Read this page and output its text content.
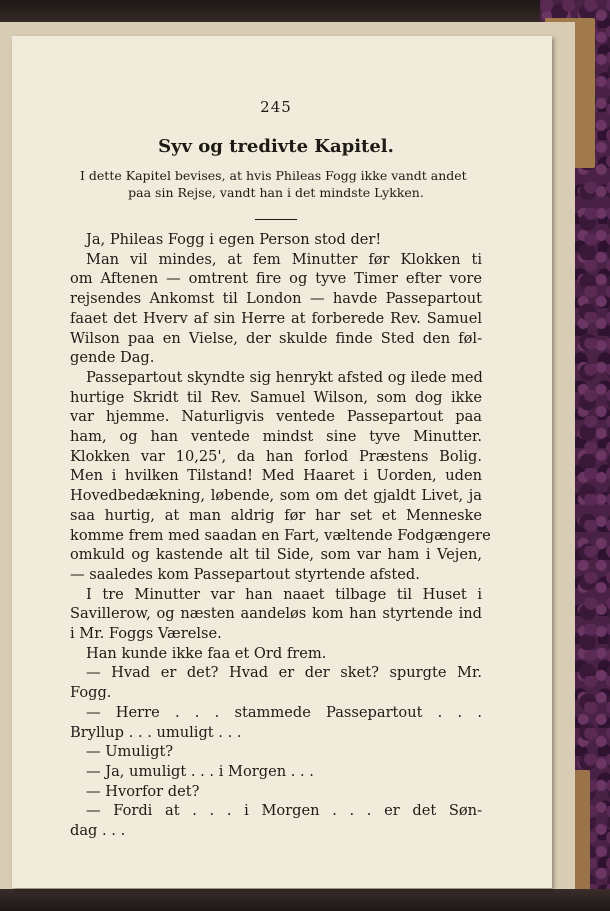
245
Syv og tredivte Kapitel.
I dette Kapitel bevises, at hvis Phileas Fogg ikke vandt andet
paa sin Rejse, vandt han i det mindste Lykken.
Ja, Phileas Fogg i egen Person stod der!
Man vil mindes, at fem Minutter før Klokken ti
om Aftenen — omtrent fire og tyve Timer efter vore
rejsendes Ankomst til London — havde Passepartout
faaet det Hverv af sin Herre at forberede Rev. Samuel
Wilson paa en Vielse, der skulde finde Sted den føl-
gende Dag.
Passepartout skyndte sig henrykt afsted og ilede med
hurtige Skridt til Rev. Samuel Wilson, som dog ikke
var hjemme. Naturligvis ventede Passepartout paa
ham, og han ventede mindst sine tyve Minutter.
Klokken var 10,25', da han forlod Præstens Bolig.
Men i hvilken Tilstand! Med Haaret i Uorden, uden
Hovedbedækning, løbende, som om det gjaldt Livet, ja
saa hurtig, at man aldrig før har set et Menneske
komme frem med saadan en Fart, væltende Fodgængere
omkuld og kastende alt til Side, som var ham i Vejen,
— saaledes kom Passepartout styrtende afsted.
I tre Minutter var han naaet tilbage til Huset i
Savillerow, og næsten aandeløs kom han styrtende ind
i Mr. Foggs Værelse.
Han kunde ikke faa et Ord frem.
— Hvad er det? Hvad er der sket? spurgte Mr.
Fogg.
— Herre . . . stammede Passepartout . . .
Bryllup . . . umuligt . . .
— Umuligt?
— Ja, umuligt . . . i Morgen . . .
— Hvorfor det?
— Fordi at . . . i Morgen . . . er det Søn-
dag . . .
